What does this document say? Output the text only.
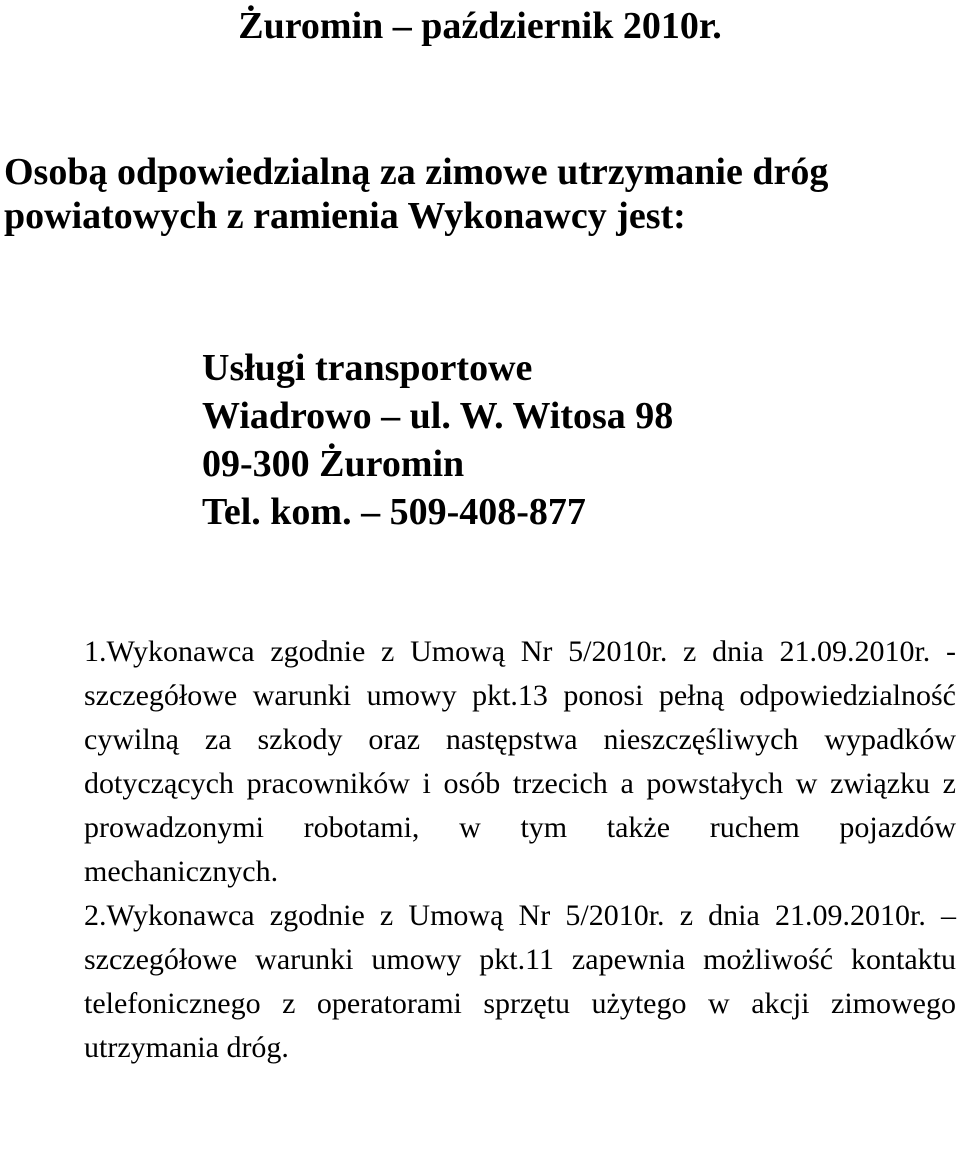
Żuromin – październik 2010r.
Osobą odpowiedzialną za zimowe utrzymanie dróg
powiatowych z ramienia Wykonawcy jest:
Usługi transportowe
Wiadrowo – ul. W. Witosa 98
09-300 Żuromin
Tel. kom. – 509-408-877

1.Wykonawca zgodnie z Umową Nr 5/2010r. z dnia 21.09.2010r. - szczegółowe warunki umowy pkt.13 ponosi pełną odpowiedzialność cywilną za szkody oraz następstwa nieszczęśliwych wypadków dotyczących pracowników i osób trzecich a powstałych w związku z prowadzonymi robotami, w tym także ruchem pojazdów mechanicznych.

2.Wykonawca zgodnie z Umową Nr 5/2010r. z dnia 21.09.2010r. – szczegółowe warunki umowy pkt.11 zapewnia możliwość kontaktu telefonicznego z operatorami sprzętu użytego w akcji zimowego utrzymania dróg.
